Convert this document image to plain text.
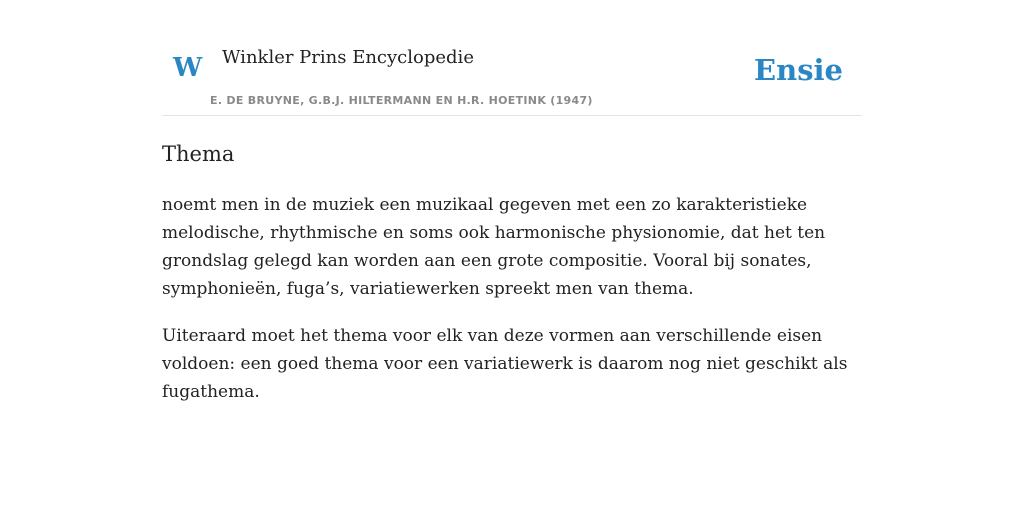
W Winkler Prins Encyclopedie
E. DE BRUYNE, G.B.J. HILTERMANN EN H.R. HOETINK (1947)
Ensie
Thema

noemt men in de muziek een muzikaal gegeven met een zo karakteristieke melodische, rhythmische en soms ook harmonische physionomie, dat het ten grondslag gelegd kan worden aan een grote compositie. Vooral bij sonates, symphonieën, fuga’s, variatiewerken spreekt men van thema.

Uiteraard moet het thema voor elk van deze vormen aan verschillende eisen voldoen: een goed thema voor een variatiewerk is daarom nog niet geschikt als fugathema.
